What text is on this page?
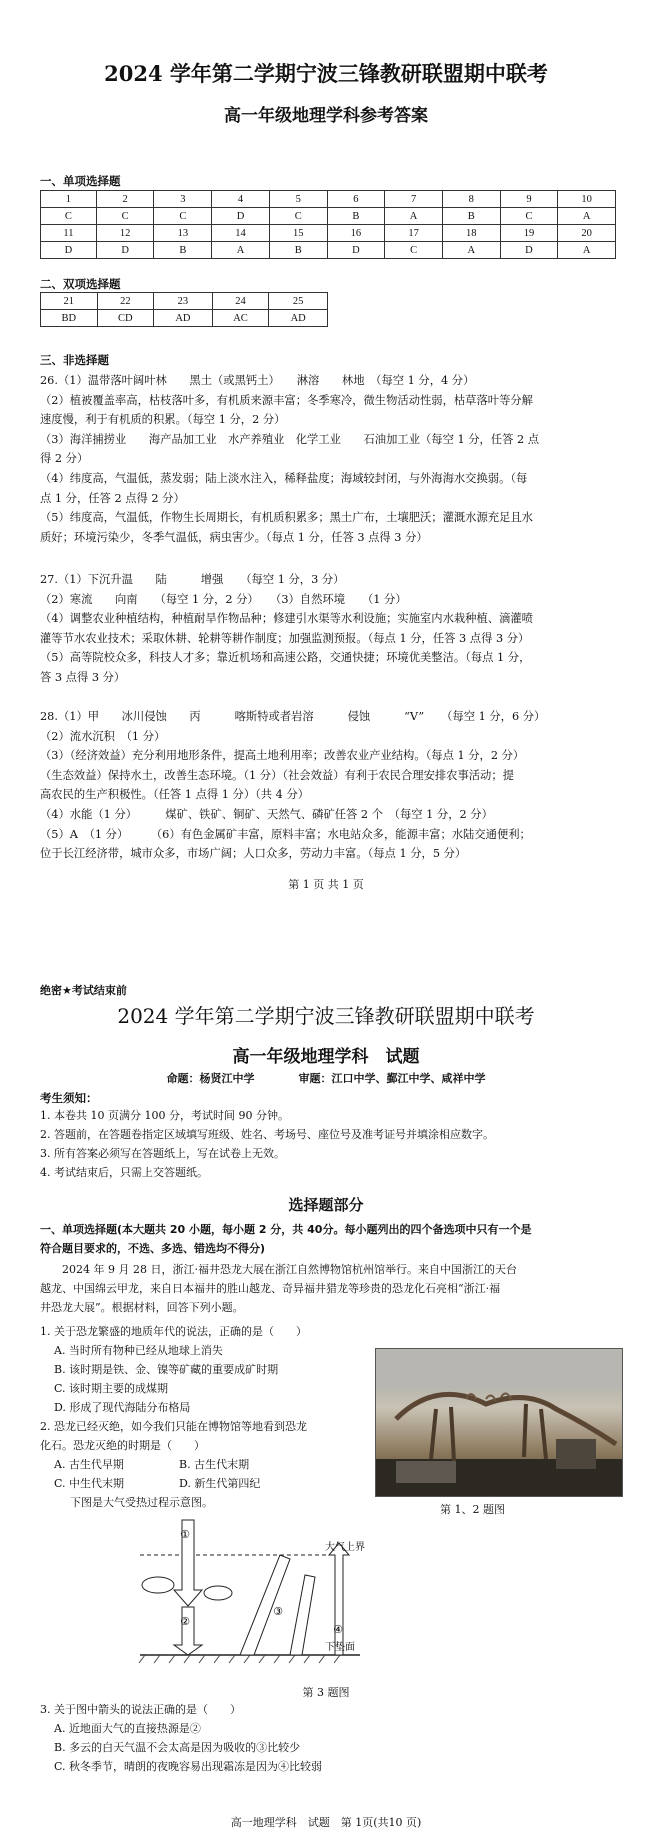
2024 学年第二学期宁波三锋教研联盟期中联考
高一年级地理学科参考答案
一、单项选择题
1	2	3	4	5	6	7	8	9	10
C	C	C	D	C	B	A	B	C	A
11	12	13	14	15	16	17	18	19	20
D	D	B	A	B	D	C	A	D	A
二、双项选择题
21	22	23	24	25
BD	CD	AD	AC	AD
三、非选择题
26.（1）温带落叶阔叶林　　黑土（或黑钙土）　　淋溶　　林地　（每空 1 分，4 分）
（2）植被覆盖率高，枯枝落叶多，有机质来源丰富；冬季寒冷，微生物活动性弱，枯草落叶等分解
速度慢，利于有机质的积累。（每空 1 分，2 分）
（3）海洋捕捞业　　海产品加工业　水产养殖业　化学工业　　石油加工业（每空 1 分，任答 2 点
得 2 分）
（4）纬度高，气温低，蒸发弱；陆上淡水注入，稀释盐度；海域较封闭，与外海海水交换弱。（每
点 1 分，任答 2 点得 2 分）
（5）纬度高，气温低，作物生长周期长，有机质积累多；黑土广布，土壤肥沃；灌溉水源充足且水
质好；环境污染少，冬季气温低，病虫害少。（每点 1 分，任答 3 点得 3 分）
27.（1）下沉升温　　陆　　　增强　　（每空 1 分，3 分）
（2）寒流　　向南　　（每空 1 分，2 分）　　（3）自然环境　　（1 分）
（4）调整农业种植结构，种植耐旱作物品种；修建引水渠等水利设施；实施室内水栽种植、滴灌喷
灌等节水农业技术；采取休耕、轮耕等耕作制度；加强监测预报。（每点 1 分，任答 3 点得 3 分）
（5）高等院校众多，科技人才多；靠近机场和高速公路，交通快捷；环境优美整洁。（每点 1 分，
答 3 点得 3 分）
28.（1）甲　　冰川侵蚀　　丙　　　喀斯特或者岩溶　　　侵蚀　　　“V”　　（每空 1 分，6 分）
（2）流水沉积　（1 分）
（3）（经济效益）充分利用地形条件，提高土地利用率；改善农业产业结构。（每点 1 分，2 分）
（生态效益）保持水土，改善生态环境。（1 分）（社会效益）有利于农民合理安排农事活动；提
高农民的生产积极性。（任答 1 点得 1 分）（共 4 分）
（4）水能（1 分）　　　煤矿、铁矿、铜矿、天然气、磷矿任答 2 个　（每空 1 分，2 分）
（5）A　（1 分）　　　（6）有色金属矿丰富，原料丰富；水电站众多，能源丰富；水陆交通便利；
位于长江经济带，城市众多，市场广阔；人口众多，劳动力丰富。（每点 1 分，5 分）
第 1 页 共 1 页
绝密★考试结束前
2024 学年第二学期宁波三锋教研联盟期中联考
高一年级地理学科　试题
命题：杨贤江中学　　　　审题：江口中学、鄞江中学、咸祥中学
考生须知：
1. 本卷共 10 页满分 100 分，考试时间 90 分钟。
2. 答题前，在答题卷指定区域填写班级、姓名、考场号、座位号及准考证号并填涂相应数字。
3. 所有答案必须写在答题纸上，写在试卷上无效。
4. 考试结束后，只需上交答题纸。
选择题部分
一、单项选择题(本大题共 20 小题，每小题 2 分，共 40分。每小题列出的四个备选项中只有一个是
符合题目要求的，不选、多选、错选均不得分)
　　2024 年 9 月 28 日，浙江·福井恐龙大展在浙江自然博物馆杭州馆举行。来自中国浙江的天台
越龙、中国绵云甲龙，来自日本福井的胜山越龙、奇异福井猎龙等珍贵的恐龙化石亮相“浙江·福
井恐龙大展”。根据材料，回答下列小题。
1. 关于恐龙繁盛的地质年代的说法，正确的是（　　）
A. 当时所有物种已经从地球上消失
B. 该时期是铁、金、镍等矿藏的重要成矿时期
C. 该时期主要的成煤期
D. 形成了现代海陆分布格局
2. 恐龙已经灭绝，如今我们只能在博物馆等地看到恐龙
化石。恐龙灭绝的时期是（　　）
A. 古生代早期	B. 古生代末期
C. 中生代末期	D. 新生代第四纪
下图是大气受热过程示意图。
第 1、2 题图
①
②
③
④
大气上界
下垫面
第 3 题图
3. 关于图中箭头的说法正确的是（　　）
A. 近地面大气的直接热源是②
B. 多云的白天气温不会太高是因为吸收的③比较少
C. 秋冬季节，晴朗的夜晚容易出现霜冻是因为④比较弱
高一地理学科　试题　第 1页(共10 页)
